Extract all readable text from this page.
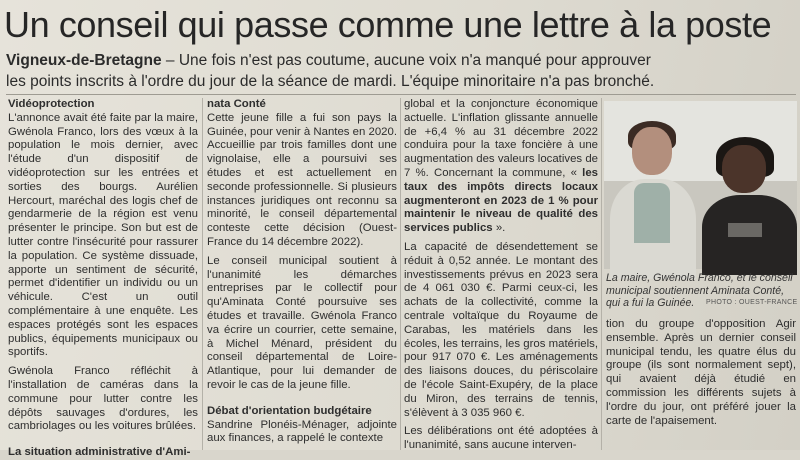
Un conseil qui passe comme une lettre à la poste
Vigneux-de-Bretagne – Une fois n'est pas coutume, aucune voix n'a manqué pour approuver
les points inscrits à l'ordre du jour de la séance de mardi. L'équipe minoritaire n'a pas bronché.

Vidéoprotection

L'annonce avait été faite par la maire, Gwénola Franco, lors des vœux à la population le mois dernier, avec l'étude d'un dispositif de vidéoprotection sur les entrées et sorties des bourgs. Aurélien Hercourt, maréchal des logis chef de gendarmerie de la région est venu présenter le principe. Son but est de lutter contre l'insécurité pour rassurer la population. Ce système dissuade, apporte un sentiment de sécurité, permet d'identifier un individu ou un véhicule. C'est un outil complémentaire à une enquête. Les espaces protégés sont les espaces publics, équipements municipaux ou sportifs.

Gwénola Franco réfléchit à l'installation de caméras dans la commune pour lutter contre les dépôts sauvages d'ordures, les cambriolages ou les voitures brûlées.

La situation administrative d'Ami-

nata Conté

Cette jeune fille a fui son pays la Guinée, pour venir à Nantes en 2020. Accueillie par trois familles dont une vignolaise, elle a poursuivi ses études et est actuellement en seconde professionnelle. Si plusieurs instances juridiques ont reconnu sa minorité, le conseil départemental conteste cette décision (Ouest-France du 14 décembre 2022).

Le conseil municipal soutient à l'unanimité les démarches entreprises par le collectif pour qu'Aminata Conté poursuive ses études et travaille. Gwénola Franco va écrire un courrier, cette semaine, à Michel Ménard, président du conseil départemental de Loire-Atlantique, pour lui demander de revoir le cas de la jeune fille.

Débat d'orientation budgétaire

Sandrine Plonéis-Ménager, adjointe aux finances, a rappelé le contexte

global et la conjoncture économique actuelle. L'inflation glissante annuelle de +6,4 % au 31 décembre 2022 conduira pour la taxe foncière à une augmentation des valeurs locatives de 7 %. Concernant la commune, « les taux des impôts directs locaux augmenteront en 2023 de 1 % pour maintenir le niveau de qualité des services publics ».

La capacité de désendettement se réduit à 0,52 année. Le montant des investissements prévus en 2023 sera de 4 061 030 €. Parmi ceux-ci, les achats de la collectivité, comme la centrale voltaïque du Royaume de Carabas, les matériels dans les écoles, les terrains, les gros matériels, pour 917 070 €. Les aménagements des liaisons douces, du périscolaire de l'école Saint-Exupéry, de la place du Miron, des terrains de tennis, s'élèvent à 3 035 960 €.

Les délibérations ont été adoptées à l'unanimité, sans aucune interven-

La maire, Gwénola Franco, et le conseil municipal soutiennent Aminata Conté, qui a fui la Guinée.	PHOTO : OUEST-FRANCE

tion du groupe d'opposition Agir ensemble. Après un dernier conseil municipal tendu, les quatre élus du groupe (ils sont normalement sept), qui avaient déjà étudié en commission les différents sujets à l'ordre du jour, ont préféré jouer la carte de l'apaisement.
